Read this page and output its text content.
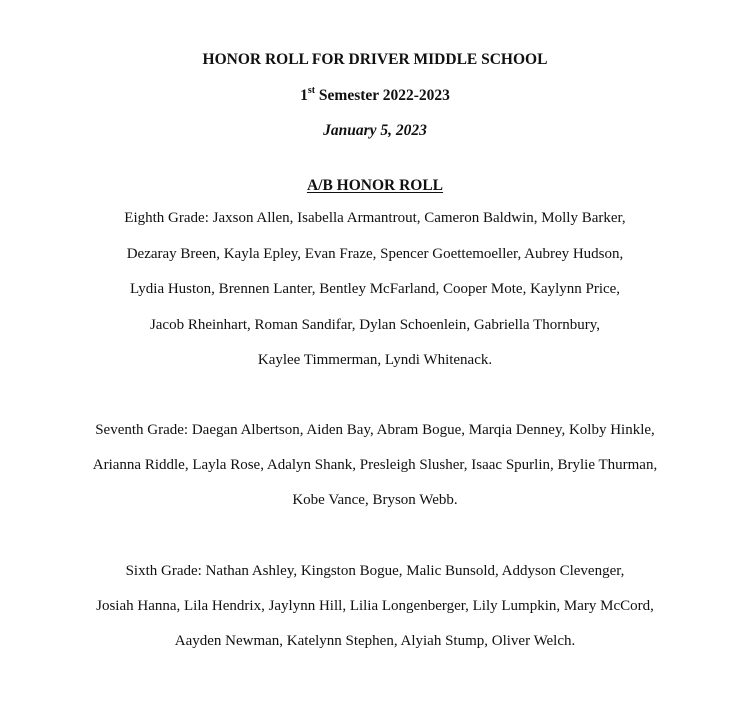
HONOR ROLL FOR DRIVER MIDDLE SCHOOL
1st Semester 2022-2023
January 5, 2023
A/B HONOR ROLL
Eighth Grade: Jaxson Allen, Isabella Armantrout, Cameron Baldwin, Molly Barker,
Dezaray Breen, Kayla Epley, Evan Fraze, Spencer Goettemoeller, Aubrey Hudson,
Lydia Huston, Brennen Lanter, Bentley McFarland, Cooper Mote, Kaylynn Price,
Jacob Rheinhart, Roman Sandifar, Dylan Schoenlein, Gabriella Thornbury,
Kaylee Timmerman, Lyndi Whitenack.
Seventh Grade: Daegan Albertson, Aiden Bay, Abram Bogue, Marqia Denney, Kolby Hinkle,
Arianna Riddle, Layla Rose, Adalyn Shank, Presleigh Slusher, Isaac Spurlin, Brylie Thurman,
Kobe Vance, Bryson Webb.
Sixth Grade: Nathan Ashley, Kingston Bogue, Malic Bunsold, Addyson Clevenger,
Josiah Hanna, Lila Hendrix, Jaylynn Hill, Lilia Longenberger, Lily Lumpkin, Mary McCord,
Aayden Newman, Katelynn Stephen, Alyiah Stump, Oliver Welch.
